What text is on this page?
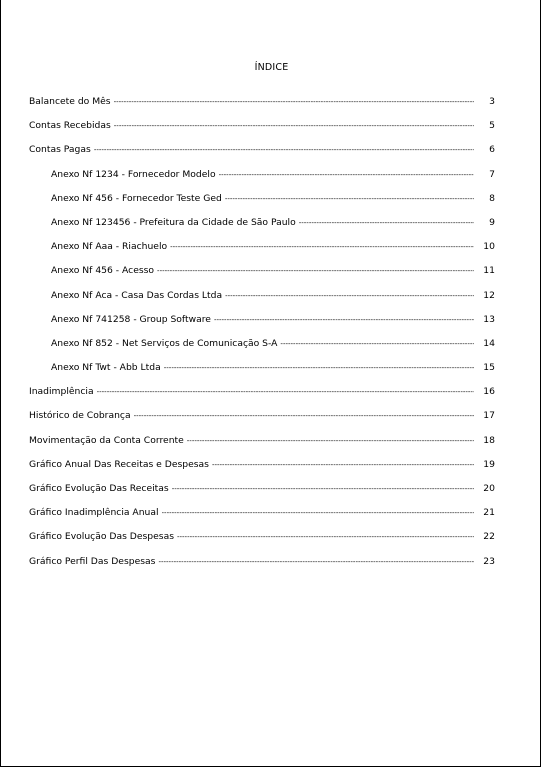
ÍNDICE
Balancete do Mês -----	3
Contas Recebidas -----	5
Contas Pagas -----	6
Anexo Nf 1234 - Fornecedor Modelo -----	7
Anexo Nf 456 - Fornecedor Teste Ged -----	8
Anexo Nf 123456 - Prefeitura da Cidade de São Paulo -----	9
Anexo Nf Aaa - Riachuelo -----	10
Anexo Nf 456 - Acesso -----	11
Anexo Nf Aca - Casa Das Cordas Ltda -----	12
Anexo Nf 741258 - Group Software -----	13
Anexo Nf 852 - Net Serviços de Comunicação S-A -----	14
Anexo Nf Twt - Abb Ltda -----	15
Inadimplência -----	16
Histórico de Cobrança -----	17
Movimentação da Conta Corrente -----	18
Gráfico Anual Das Receitas e Despesas -----	19
Gráfico Evolução Das Receitas -----	20
Gráfico Inadimplência Anual -----	21
Gráfico Evolução Das Despesas -----	22
Gráfico Perfil Das Despesas -----	23
